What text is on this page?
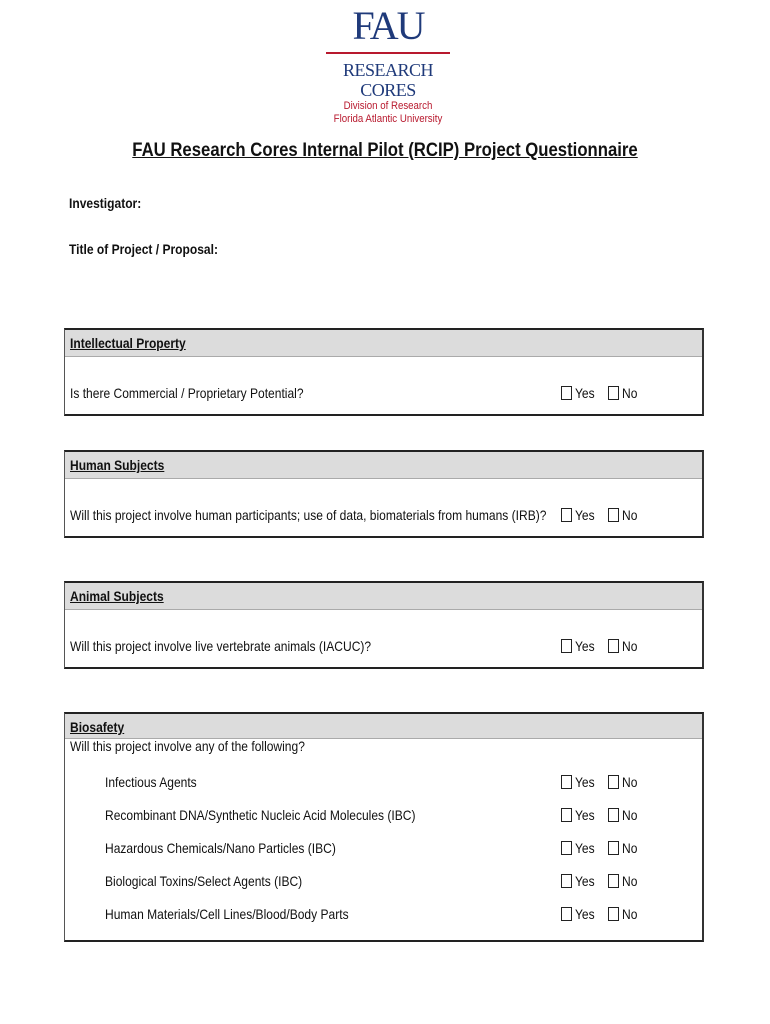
FAU
RESEARCH CORES
Division of Research
Florida Atlantic University
FAU Research Cores Internal Pilot (RCIP) Project Questionnaire
Investigator:
Title of Project / Proposal:
Intellectual Property
Is there Commercial / Proprietary Potential?	Yes No
Human Subjects
Will this project involve human participants; use of data, biomaterials from humans (IRB)?	Yes No
Animal Subjects
Will this project involve live vertebrate animals (IACUC)?	Yes No
Biosafety
Will this project involve any of the following?
Infectious Agents	Yes No
Recombinant DNA/Synthetic Nucleic Acid Molecules (IBC)	Yes No
Hazardous Chemicals/Nano Particles (IBC)	Yes No
Biological Toxins/Select Agents (IBC)	Yes No
Human Materials/Cell Lines/Blood/Body Parts	Yes No
